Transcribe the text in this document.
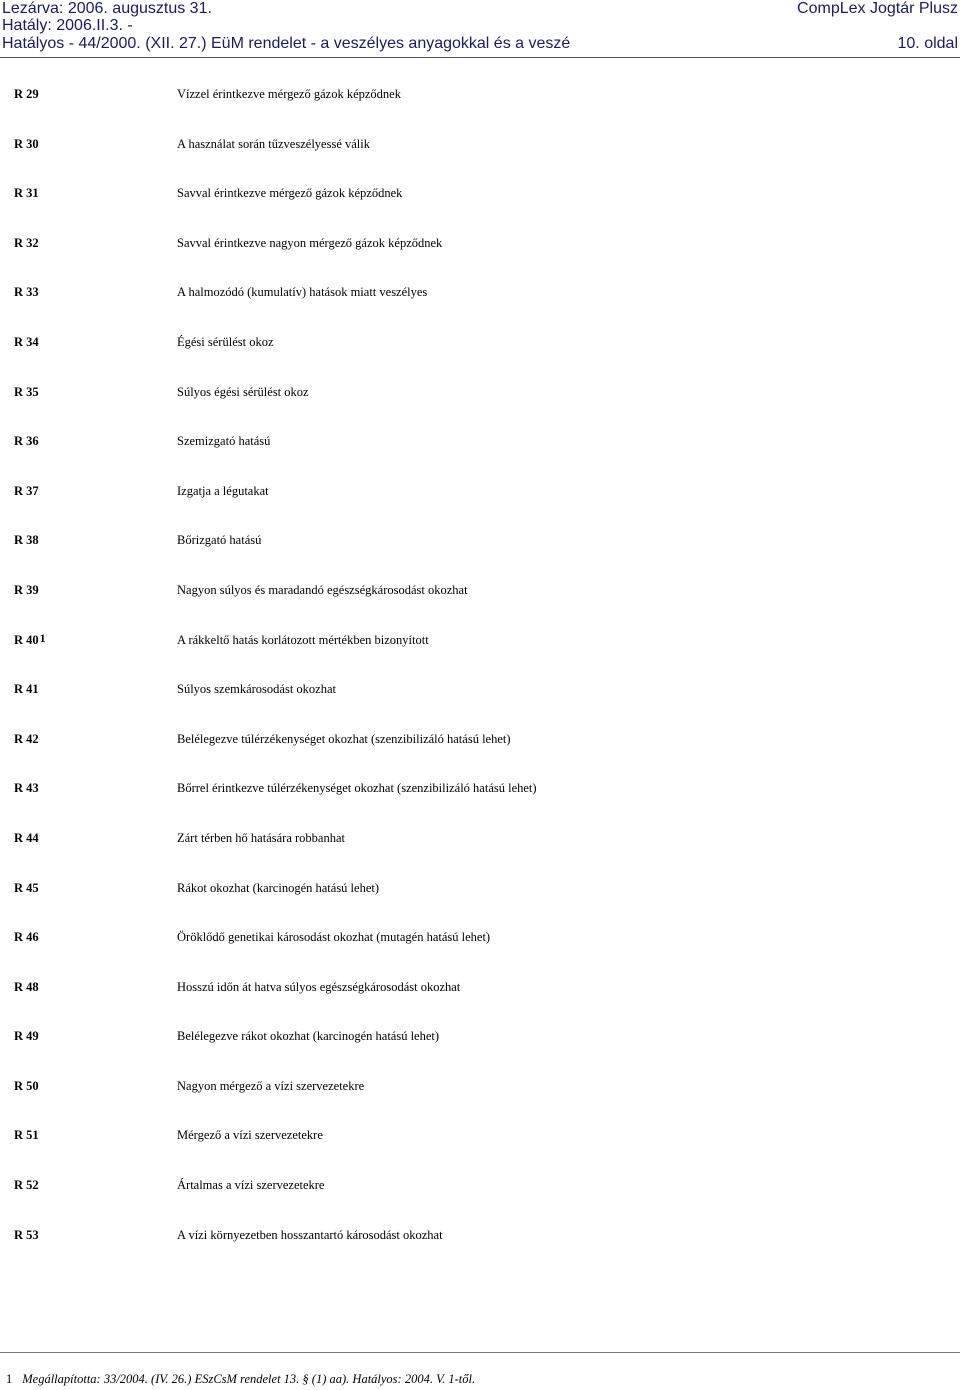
Lezárva: 2006. augusztus 31.
Hatály: 2006.II.3. -
Hatályos - 44/2000. (XII. 27.) EüM rendelet - a veszélyes anyagokkal és a veszé
CompLex Jogtár Plusz
10. oldal
R 29	Vízzel érintkezve mérgező gázok képződnek
R 30	A használat során tűzveszélyessé válik
R 31	Savval érintkezve mérgező gázok képződnek
R 32	Savval érintkezve nagyon mérgező gázok képződnek
R 33	A halmozódó (kumulatív) hatások miatt veszélyes
R 34	Égési sérülést okoz
R 35	Súlyos égési sérülést okoz
R 36	Szemizgató hatású
R 37	Izgatja a légutakat
R 38	Bőrizgató hatású
R 39	Nagyon súlyos és maradandó egészségkárosodást okozhat
R $40^1$	A rákkeltő hatás korlátozott mértékben bizonyított
R 41	Súlyos szemkárosodást okozhat
R 42	Belélegezve túlérzékenységet okozhat (szenzibilizáló hatású lehet)
R 43	Bőrrel érintkezve túlérzékenységet okozhat (szenzibilizáló hatású lehet)
R 44	Zárt térben hő hatására robbanhat
R 45	Rákot okozhat (karcinogén hatású lehet)
R 46	Öröklődő genetikai károsodást okozhat (mutagén hatású lehet)
R 48	Hosszú időn át hatva súlyos egészségkárosodást okozhat
R 49	Belélegezve rákot okozhat (karcinogén hatású lehet)
R 50	Nagyon mérgező a vízi szervezetekre
R 51	Mérgező a vízi szervezetekre
R 52	Ártalmas a vízi szervezetekre
R 53	A vízi környezetben hosszantartó károsodást okozhat
1 Megállapította: 33/2004. (IV. 26.) ESzCsM rendelet 13. § (1) aa). Hatályos: 2004. V. 1-től.
